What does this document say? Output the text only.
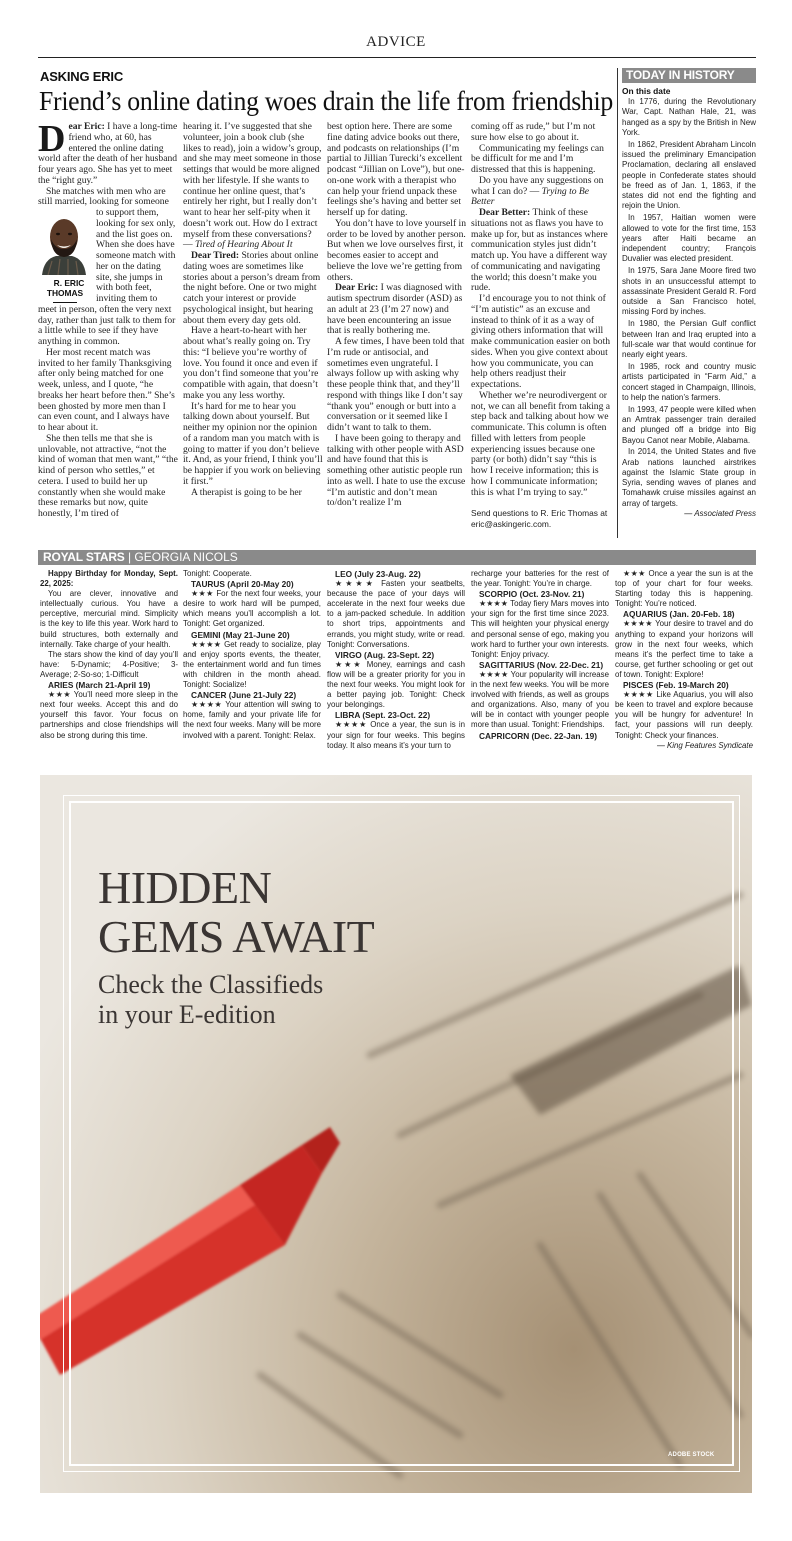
ADVICE
ASKING ERIC
Friend’s online dating woes drain the life from friendship

Dear Eric: I have a long-time friend who, at 60, has entered the online dating world after the death of her husband four years ago. She has yet to meet the “right guy.”

R. ERIC
THOMAS
She matches with men who are still married, looking for someone to support them, looking for sex only, and the list goes on. When she does have someone match with her on the dating site, she jumps in with both feet, inviting them to meet in person, often the very next day, rather than just talk to them for a little while to see if they have anything in common.

Her most recent match was invited to her family Thanksgiving after only being matched for one week, unless, and I quote, “he breaks her heart before then.” She’s been ghosted by more men than I can even count, and I always have to hear about it.

She then tells me that she is unlovable, not attractive, “not the kind of woman that men want,” “the kind of person who settles,” et cetera. I used to build her up constantly when she would make these remarks but now, quite honestly, I’m tired of

hearing it. I’ve suggested that she volunteer, join a book club (she likes to read), join a widow’s group, and she may meet someone in those settings that would be more aligned with her lifestyle. If she wants to continue her online quest, that’s entirely her right, but I really don’t want to hear her self-pity when it doesn’t work out. How do I extract myself from these conversations? — Tired of Hearing About It

Dear Tired: Stories about online dating woes are sometimes like stories about a person’s dream from the night before. One or two might catch your interest or provide psychological insight, but hearing about them every day gets old.

Have a heart-to-heart with her about what’s really going on. Try this: “I believe you’re worthy of love. You found it once and even if you don’t find someone that you’re compatible with again, that doesn’t make you any less worthy.

It’s hard for me to hear you talking down about yourself. But neither my opinion nor the opinion of a random man you match with is going to matter if you don’t believe it. And, as your friend, I think you’ll be happier if you work on believing it first.”

A therapist is going to be her

best option here. There are some fine dating advice books out there, and podcasts on relationships (I’m partial to Jillian Turecki’s excellent podcast “Jillian on Love”), but one-on-one work with a therapist who can help your friend unpack these feelings she’s having and better set herself up for dating.

You don’t have to love yourself in order to be loved by another person. But when we love ourselves first, it becomes easier to accept and believe the love we’re getting from others.

Dear Eric: I was diagnosed with autism spectrum disorder (ASD) as an adult at 23 (I’m 27 now) and have been encountering an issue that is really bothering me.

A few times, I have been told that I’m rude or antisocial, and sometimes even ungrateful. I always follow up with asking why these people think that, and they’ll respond with things like I don’t say “thank you” enough or butt into a conversation or it seemed like I didn’t want to talk to them.

I have been going to therapy and talking with other people with ASD and have found that this is something other autistic people run into as well. I hate to use the excuse “I’m autistic and don’t mean to/don’t realize I’m

coming off as rude,” but I’m not sure how else to go about it.

Communicating my feelings can be difficult for me and I’m distressed that this is happening.

Do you have any suggestions on what I can do? — Trying to Be Better

Dear Better: Think of these situations not as flaws you have to make up for, but as instances where communication styles just didn’t match up. You have a different way of communicating and navigating the world; this doesn’t make you rude.

I’d encourage you to not think of “I’m autistic” as an excuse and instead to think of it as a way of giving others information that will make communication easier on both sides. When you give context about how you communicate, you can help others readjust their expectations.

Whether we’re neurodivergent or not, we can all benefit from taking a step back and talking about how we communicate. This column is often filled with letters from people experiencing issues because one party (or both) didn’t say “this is how I receive information; this is how I communicate information; this is what I’m trying to say.”

Send questions to R. Eric Thomas at eric@askingeric.com.

TODAY IN HISTORY
On this date

In 1776, during the Revolutionary War, Capt. Nathan Hale, 21, was hanged as a spy by the British in New York.

In 1862, President Abraham Lincoln issued the preliminary Emancipation Proclamation, declaring all enslaved people in Confederate states should be freed as of Jan. 1, 1863, if the states did not end the fighting and rejoin the Union.

In 1957, Haitian women were allowed to vote for the first time, 153 years after Haiti became an independent country; François Duvalier was elected president.

In 1975, Sara Jane Moore fired two shots in an unsuccessful attempt to assassinate President Gerald R. Ford outside a San Francisco hotel, missing Ford by inches.

In 1980, the Persian Gulf conflict between Iran and Iraq erupted into a full-scale war that would continue for nearly eight years.

In 1985, rock and country music artists participated in “Farm Aid,” a concert staged in Champaign, Illinois, to help the nation’s farmers.

In 1993, 47 people were killed when an Amtrak passenger train derailed and plunged off a bridge into Big Bayou Canot near Mobile, Alabama.

In 2014, the United States and five Arab nations launched airstrikes against the Islamic State group in Syria, sending waves of planes and Tomahawk cruise missiles against an array of targets.

— Associated Press
ROYAL STARS | GEORGIA NICOLS

Happy Birthday for Monday, Sept. 22, 2025:

You are clever, innovative and intellectually curious. You have a perceptive, mercurial mind. Simplicity is the key to life this year. Work hard to build structures, both externally and internally. Take charge of your health.

The stars show the kind of day you’ll have: 5-Dynamic; 4-Positive; 3-Average; 2-So-so; 1-Difficult

ARIES (March 21-April 19)

★★★ You’ll need more sleep in the next four weeks. Accept this and do yourself this favor. Your focus on partnerships and close friendships will also be strong during this time.

Tonight: Cooperate.

TAURUS (April 20-May 20)

★★★ For the next four weeks, your desire to work hard will be pumped, which means you’ll accomplish a lot. Tonight: Get organized.

GEMINI (May 21-June 20)

★★★★ Get ready to socialize, play and enjoy sports events, the theater, the entertainment world and fun times with children in the month ahead. Tonight: Socialize!

CANCER (June 21-July 22)

★★★★ Your attention will swing to home, family and your private life for the next four weeks. Many will be more involved with a parent. Tonight: Relax.

LEO (July 23-Aug. 22)

★★★★ Fasten your seatbelts, because the pace of your days will accelerate in the next four weeks due to a jam-packed schedule. In addition to short trips, appointments and errands, you might study, write or read. Tonight: Conversations.

VIRGO (Aug. 23-Sept. 22)

★★★ Money, earnings and cash flow will be a greater priority for you in the next four weeks. You might look for a better paying job. Tonight: Check your belongings.

LIBRA (Sept. 23-Oct. 22)

★★★★ Once a year, the sun is in your sign for four weeks. This begins today. It also means it’s your turn to

recharge your batteries for the rest of the year. Tonight: You’re in charge.

SCORPIO (Oct. 23-Nov. 21)

★★★★ Today fiery Mars moves into your sign for the first time since 2023. This will heighten your physical energy and personal sense of ego, making you work hard to further your own interests. Tonight: Enjoy privacy.

SAGITTARIUS (Nov. 22-Dec. 21)

★★★★ Your popularity will increase in the next few weeks. You will be more involved with friends, as well as groups and organizations. Also, many of you will be in contact with younger people more than usual. Tonight: Friendships.

CAPRICORN (Dec. 22-Jan. 19)

★★★ Once a year the sun is at the top of your chart for four weeks. Starting today this is happening. Tonight: You’re noticed.

AQUARIUS (Jan. 20-Feb. 18)

★★★★ Your desire to travel and do anything to expand your horizons will grow in the next four weeks, which means it’s the perfect time to take a course, get further schooling or get out of town. Tonight: Explore!

PISCES (Feb. 19-March 20)

★★★★ Like Aquarius, you will also be keen to travel and explore because you will be hungry for adventure! In fact, your passions will run deeply. Tonight: Check your finances.

— King Features Syndicate

HIDDEN
GEMS AWAIT
Check the Classifieds
in your E-edition
ADOBE STOCK
